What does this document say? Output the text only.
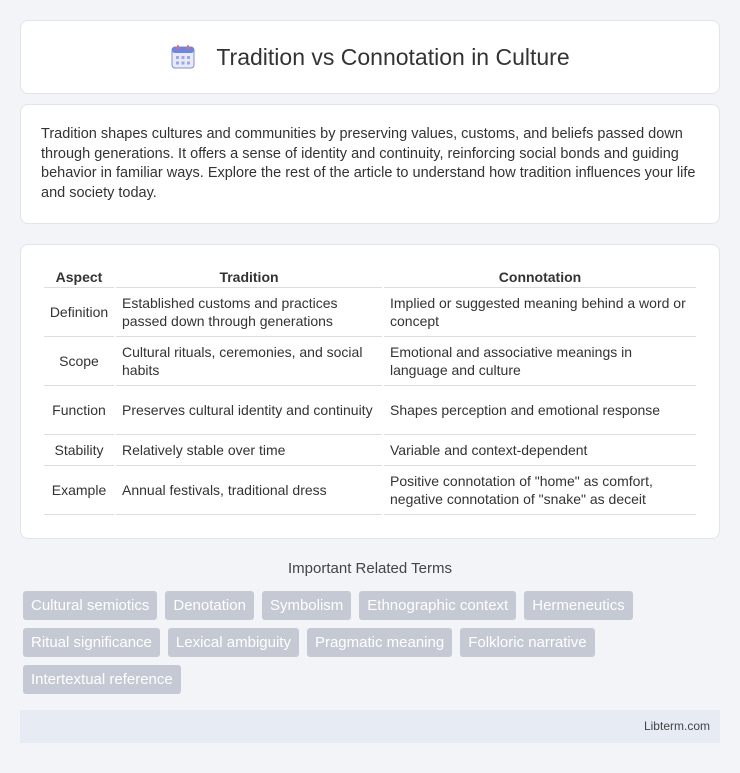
Tradition vs Connotation in Culture

Tradition shapes cultures and communities by preserving values, customs, and beliefs passed down through generations. It offers a sense of identity and continuity, reinforcing social bonds and guiding behavior in familiar ways. Explore the rest of the article to understand how tradition influences your life and society today.

Aspect	Tradition	Connotation
Definition	Established customs and practices passed down through generations	Implied or suggested meaning behind a word or concept
Scope	Cultural rituals, ceremonies, and social habits	Emotional and associative meanings in language and culture
Function	Preserves cultural identity and continuity	Shapes perception and emotional response
Stability	Relatively stable over time	Variable and context-dependent
Example	Annual festivals, traditional dress	Positive connotation of "home" as comfort, negative connotation of "snake" as deceit
Important Related Terms
Cultural semiotics	Denotation	Symbolism	Ethnographic context	Hermeneutics
Ritual significance	Lexical ambiguity	Pragmatic meaning	Folkloric narrative
Intertextual reference
Libterm.com
